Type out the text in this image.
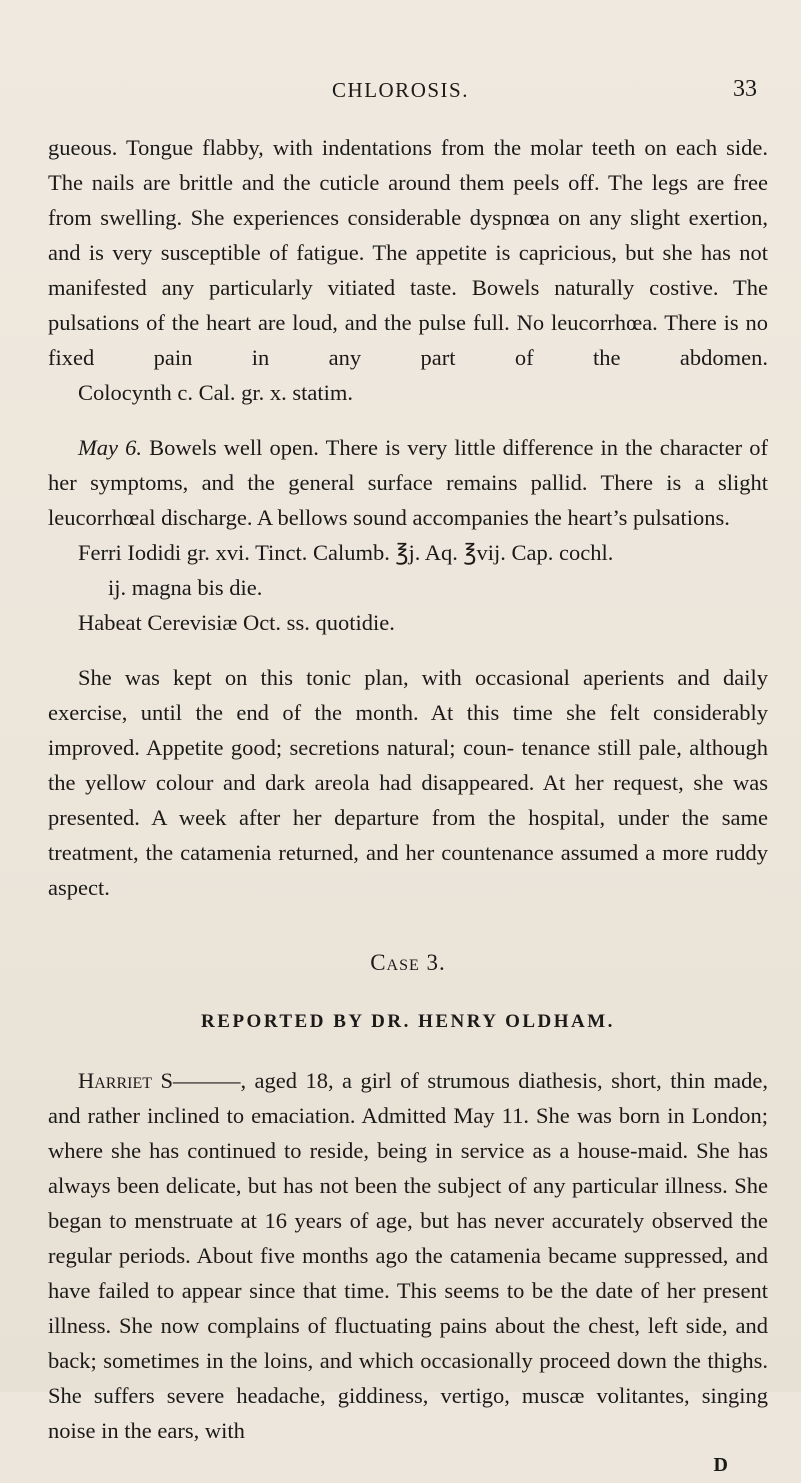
CHLOROSIS.	33

gueous. Tongue flabby, with indentations from the molar teeth on each side. The nails are brittle and the cuticle around them peels off. The legs are free from swelling. She experiences considerable dyspnœa on any slight exertion, and is very susceptible of fatigue. The appetite is capricious, but she has not manifested any particularly vitiated taste. Bowels naturally costive. The pulsations of the heart are loud, and the pulse full. No leucorrhœa. There is no fixed pain in any part of the abdomen.

Colocynth c. Cal. gr. x. statim.

May 6. Bowels well open. There is very little difference in the character of her symptoms, and the general surface remains pallid. There is a slight leucorrhœal discharge. A bellows sound accompanies the heart’s pulsations.

Ferri Iodidi gr. xvi. Tinct. Calumb. ℥j. Aq. ℥vij. Cap. cochl.

ij. magna bis die.

Habeat Cerevisiæ Oct. ss. quotidie.

She was kept on this tonic plan, with occasional aperients and daily exercise, until the end of the month. At this time she felt considerably improved. Appetite good; secretions natural; coun- tenance still pale, although the yellow colour and dark areola had disappeared. At her request, she was presented. A week after her departure from the hospital, under the same treatment, the catamenia returned, and her countenance assumed a more ruddy aspect.

Case 3.
REPORTED BY DR. HENRY OLDHAM.

Harriet S———, aged 18, a girl of strumous diathesis, short, thin made, and rather inclined to emaciation. Admitted May 11. She was born in London; where she has continued to reside, being in service as a house-maid. She has always been delicate, but has not been the subject of any particular illness. She began to menstruate at 16 years of age, but has never accurately observed the regular periods. About five months ago the catamenia became suppressed, and have failed to appear since that time. This seems to be the date of her present illness. She now complains of fluctuating pains about the chest, left side, and back; sometimes in the loins, and which occasionally proceed down the thighs. She suffers severe headache, giddiness, vertigo, muscæ volitantes, singing noise in the ears, with

D
